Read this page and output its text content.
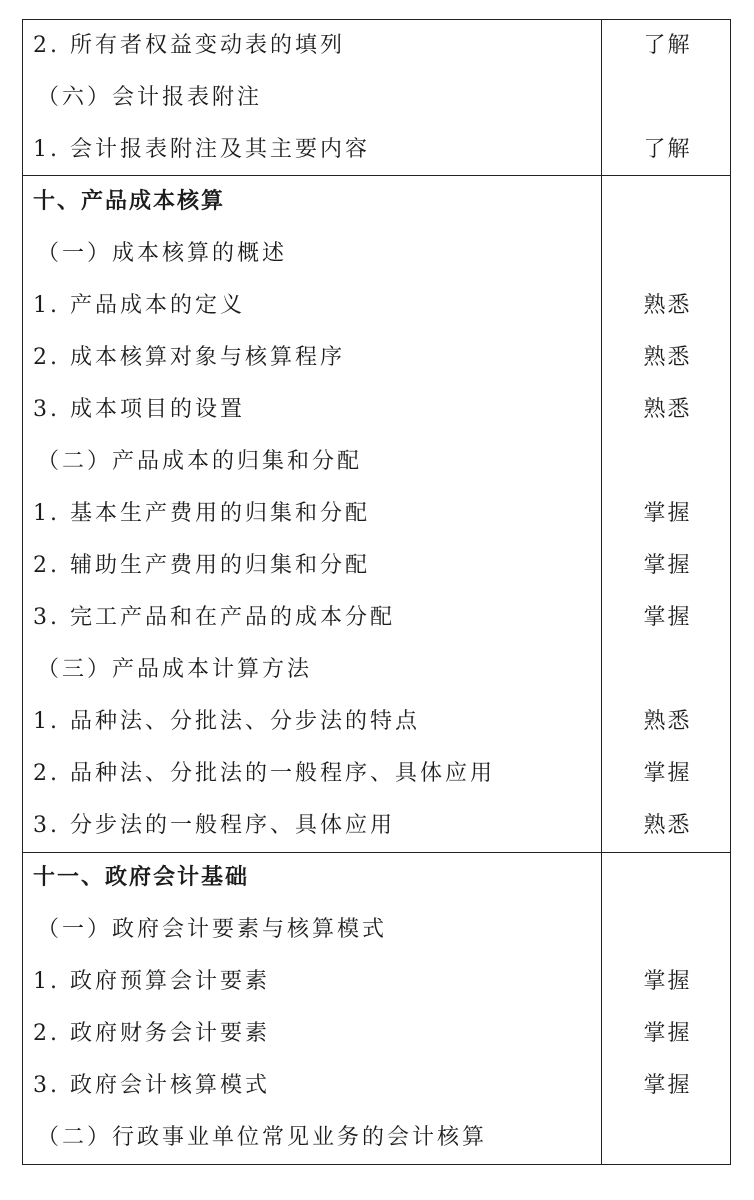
2. 所有者权益变动表的填列	了解
（六）会计报表附注
1. 会计报表附注及其主要内容	了解
十、产品成本核算
（一）成本核算的概述
1. 产品成本的定义	熟悉
2. 成本核算对象与核算程序	熟悉
3. 成本项目的设置	熟悉
（二）产品成本的归集和分配
1. 基本生产费用的归集和分配	掌握
2. 辅助生产费用的归集和分配	掌握
3. 完工产品和在产品的成本分配	掌握
（三）产品成本计算方法
1. 品种法、分批法、分步法的特点	熟悉
2. 品种法、分批法的一般程序、具体应用	掌握
3. 分步法的一般程序、具体应用	熟悉
十一、政府会计基础
（一）政府会计要素与核算模式
1. 政府预算会计要素	掌握
2. 政府财务会计要素	掌握
3. 政府会计核算模式	掌握
（二）行政事业单位常见业务的会计核算
